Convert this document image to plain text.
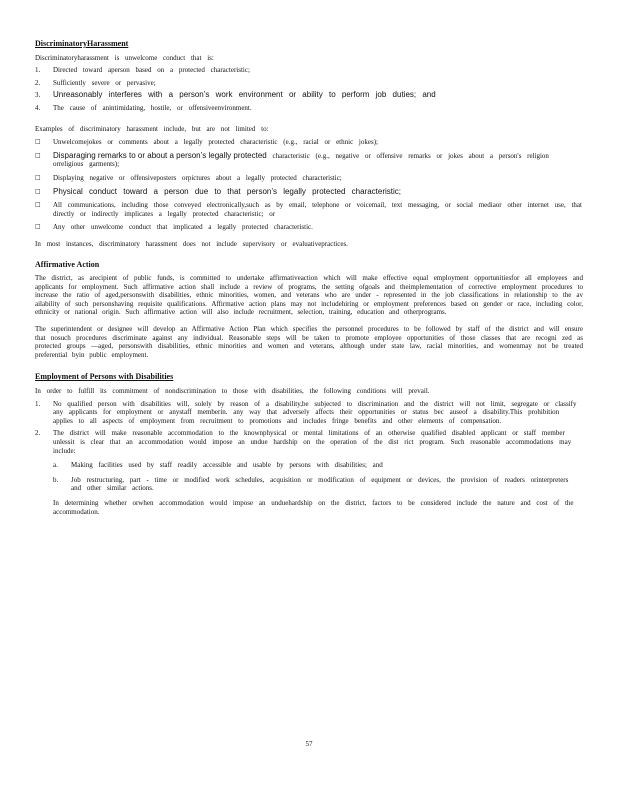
DiscriminatoryHarassment

Discriminatoryharassment is unwelcome conduct that is:

1.	Directed toward aperson based on a protected characteristic;
2.	Sufficiently severe or pervasive;
3.	Unreasonably interferes with a person’s work environment or ability to perform job duties; and
4.	The cause of anintimidating, hostile, or offensiveenvironment.

Examples of discriminatory harassment include, but are not limited to:

□	Unwelcomejokes or comments about a legally protected characteristic (e.g., racial or ethnic jokes);
□	Disparaging remarks to or about a person’s legally protected characteristic (e.g., negative or offensive remarks or jokes about a person's religion orreligious garments);
□	Displaying negative or offensiveposters orpictures about a legally protected characteristic;
□	Physical conduct toward a person due to that person’s legally protected characteristic;
□	All communications, including those conveyed electronically,such as by email, telephone or voicemail, text messaging, or social mediaor other internet use, that directly or indirectly implicates a legally protected characteristic; or
□	Any other unwelcome conduct that implicated a legally protected characteristic.

In most instances, discriminatory harassment does not include supervisory or evaluativepractices.

Affirmative Action

The district, as arecipient of public funds, is committed to undertake affirmativeaction which will make effective equal employment opportunitiesfor all employees and applicants for employment. Such affirmative action shall include a review of programs, the setting ofgoals and theimplementation of corrective employment procedures to increase the ratio of aged,personswith disabilities, ethnic minorities, women, and veterans who are under - represented in the job classifications in relationship to the av ailability of such personshaving requisite qualifications. Affirmative action plans may not includehiring or employment preferences based on gender or race, including color, ethnicity or national origin. Such affirmative action will also include recruitment, selection, training, education and otherprograms.

The superintendent or designee will develop an Affirmative Action Plan which specifies the personnel procedures to be followed by staff of the district and will ensure that nosuch procedures discriminate against any individual. Reasonable steps will be taken to promote employee opportunities of those classes that are recogni zed as protected groups —aged, personswith disabilities, ethnic minorities and women and veterans, although under state law, racial minorities, and womenmay not be treated preferential byin public employment.

Employment of Persons with Disabilities

In order to fulfill its commitment of nondiscrimination to those with disabilities, the following conditions will prevail.

1.	No qualified person with disabilities will, solely by reason of a disability,be subjected to discrimination and the district will not limit, segregate or classify any applicants for employment or anystaff memberin. any way that adversely affects their opportunities or status bec auseof a disability.This prohibition applies to all aspects of employment from recruitment to promotions and includes fringe benefits and other elements of compensation.
2.	The district will make reasonable accommodation to the knownphysical or mental limitations of an otherwise qualified disabled applicant or staff member unlessit is clear that an accommodation would impose an undue hardship on the operation of the dist rict program. Such reasonable accommodations may include:
a.	Making facilities used by staff readily accessible and usable by persons with disabilities; and
b.	Job restructuring, part - time or modified work schedules, acquisition or modification of equipment or devices, the provision of readers orinterpreters and other similar actions.

In determining whether orwhen accommodation would impose an unduehardship on the district, factors to be considered include the nature and cost of the accommodation.

57
